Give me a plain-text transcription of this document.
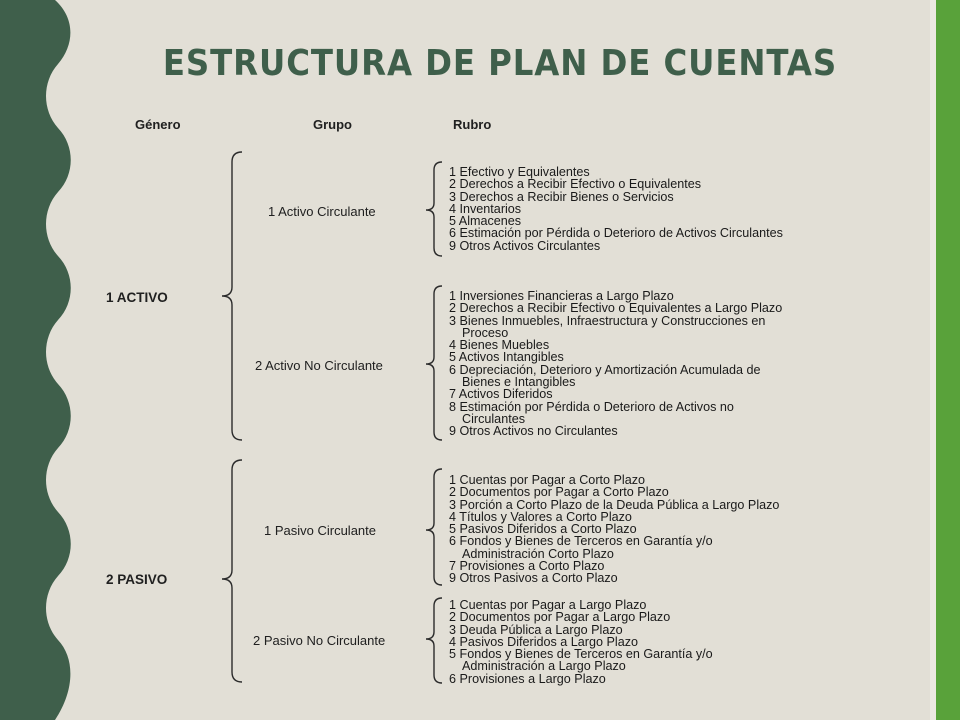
ESTRUCTURA DE PLAN DE CUENTAS
Género	Grupo	Rubro
1 ACTIVO
2 PASIVO
1 Activo Circulante
2 Activo No Circulante
1 Pasivo Circulante
2 Pasivo No Circulante
1 Efectivo y Equivalentes
2 Derechos a Recibir Efectivo o Equivalentes
3 Derechos a Recibir Bienes o Servicios
4 Inventarios
5 Almacenes
6 Estimación por Pérdida o Deterioro de Activos Circulantes
9 Otros Activos Circulantes
1 Inversiones Financieras a Largo Plazo
2 Derechos a Recibir Efectivo o Equivalentes a Largo Plazo
3 Bienes Inmuebles, Infraestructura y Construcciones en
Proceso
4 Bienes Muebles
5 Activos Intangibles
6 Depreciación, Deterioro y Amortización Acumulada de
Bienes e Intangibles
7 Activos Diferidos
8 Estimación por Pérdida o Deterioro de Activos no
Circulantes
9 Otros Activos no Circulantes
1 Cuentas por Pagar a Corto Plazo
2 Documentos por Pagar a Corto Plazo
3 Porción a Corto Plazo de la Deuda Pública a Largo Plazo
4 Títulos y Valores a Corto Plazo
5 Pasivos Diferidos a Corto Plazo
6 Fondos y Bienes de Terceros en Garantía y/o
Administración Corto Plazo
7 Provisiones a Corto Plazo
9 Otros Pasivos a Corto Plazo
1 Cuentas por Pagar a Largo Plazo
2 Documentos por Pagar a Largo Plazo
3 Deuda Pública a Largo Plazo
4 Pasivos Diferidos a Largo Plazo
5 Fondos y Bienes de Terceros en Garantía y/o
Administración a Largo Plazo
6 Provisiones a Largo Plazo
